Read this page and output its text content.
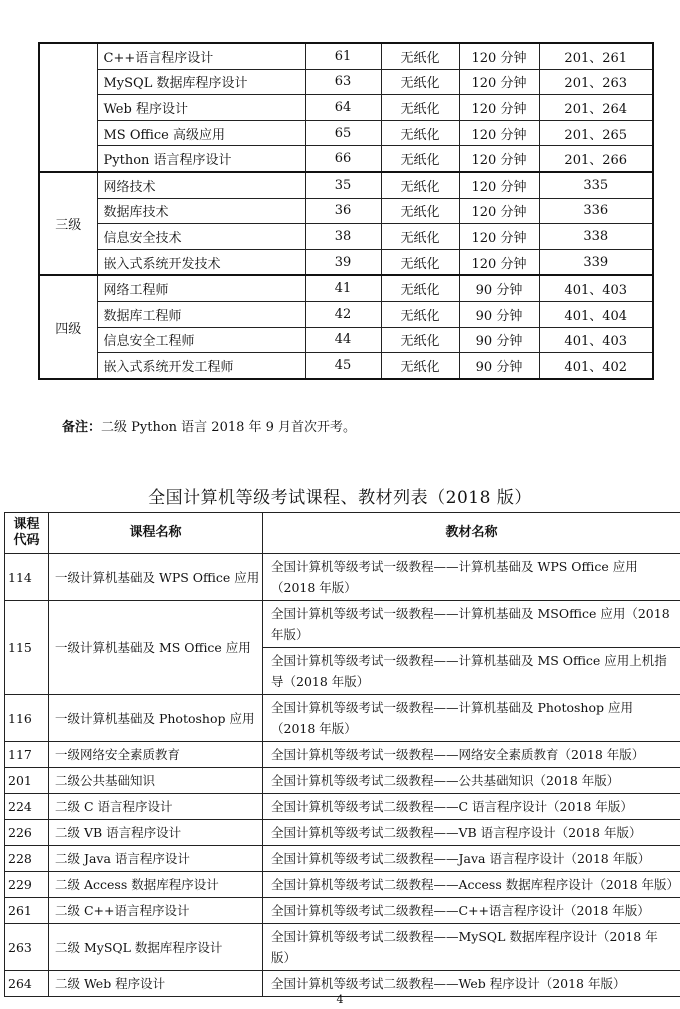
	C++语言程序设计	61	无纸化	120 分钟	201、261
	MySQL 数据库程序设计	63	无纸化	120 分钟	201、263
	Web 程序设计	64	无纸化	120 分钟	201、264
	MS Office 高级应用	65	无纸化	120 分钟	201、265
	Python 语言程序设计	66	无纸化	120 分钟	201、266
三级	网络技术	35	无纸化	120 分钟	335
	数据库技术	36	无纸化	120 分钟	336
	信息安全技术	38	无纸化	120 分钟	338
	嵌入式系统开发技术	39	无纸化	120 分钟	339
四级	网络工程师	41	无纸化	90 分钟	401、403
	数据库工程师	42	无纸化	90 分钟	401、404
	信息安全工程师	44	无纸化	90 分钟	401、403
	嵌入式系统开发工程师	45	无纸化	90 分钟	401、402
备注：二级 Python 语言 2018 年 9 月首次开考。
全国计算机等级考试课程、教材列表（2018 版）
课程代码	课程名称	教材名称
114	一级计算机基础及 WPS Office 应用	全国计算机等级考试一级教程——计算机基础及 WPS Office 应用（2018 年版）

115	一级计算机基础及 MS Office 应用	全国计算机等级考试一级教程——计算机基础及 MSOffice 应用（2018 年版）
全国计算机等级考试一级教程——计算机基础及 MS Office 应用上机指导（2018 年版）

116	一级计算机基础及 Photoshop 应用	全国计算机等级考试一级教程——计算机基础及 Photoshop 应用（2018 年版）

117	一级网络安全素质教育	全国计算机等级考试一级教程——网络安全素质教育（2018 年版）

201	二级公共基础知识	全国计算机等级考试二级教程——公共基础知识（2018 年版）

224	二级 C 语言程序设计	全国计算机等级考试二级教程——C 语言程序设计（2018 年版）

226	二级 VB 语言程序设计	全国计算机等级考试二级教程——VB 语言程序设计（2018 年版）

228	二级 Java 语言程序设计	全国计算机等级考试二级教程——Java 语言程序设计（2018 年版）

229	二级 Access 数据库程序设计	全国计算机等级考试二级教程——Access 数据库程序设计（2018 年版）

261	二级 C++语言程序设计	全国计算机等级考试二级教程——C++语言程序设计（2018 年版）

263	二级 MySQL 数据库程序设计	全国计算机等级考试二级教程——MySQL 数据库程序设计（2018 年版）

264	二级 Web 程序设计	全国计算机等级考试二级教程——Web 程序设计（2018 年版）
4
